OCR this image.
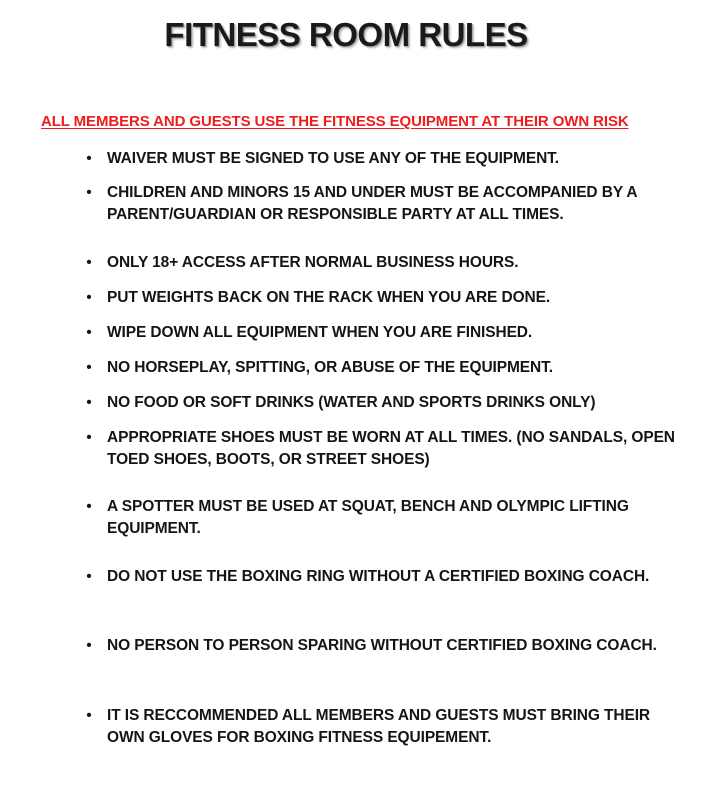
FITNESS ROOM RULES
ALL MEMBERS AND GUESTS USE THE FITNESS EQUIPMENT AT THEIR OWN RISK
• WAIVER MUST BE SIGNED TO USE ANY OF THE EQUIPMENT.
• CHILDREN AND MINORS 15 AND UNDER MUST BE ACCOMPANIED BY A PARENT/GUARDIAN OR RESPONSIBLE PARTY AT ALL TIMES.
• ONLY 18+ ACCESS AFTER NORMAL BUSINESS HOURS.
• PUT WEIGHTS BACK ON THE RACK WHEN YOU ARE DONE.
• WIPE DOWN ALL EQUIPMENT WHEN YOU ARE FINISHED.
• NO HORSEPLAY, SPITTING, OR ABUSE OF THE EQUIPMENT.
• NO FOOD OR SOFT DRINKS (WATER AND SPORTS DRINKS ONLY)
• APPROPRIATE SHOES MUST BE WORN AT ALL TIMES. (NO SANDALS, OPEN TOED SHOES, BOOTS, OR STREET SHOES)
• A SPOTTER MUST BE USED AT SQUAT, BENCH AND OLYMPIC LIFTING EQUIPMENT.
• DO NOT USE THE BOXING RING WITHOUT A CERTIFIED BOXING COACH.
• NO PERSON TO PERSON SPARING WITHOUT CERTIFIED BOXING COACH.
• IT IS RECCOMMENDED ALL MEMBERS AND GUESTS MUST BRING THEIR OWN GLOVES FOR BOXING FITNESS EQUIPEMENT.
